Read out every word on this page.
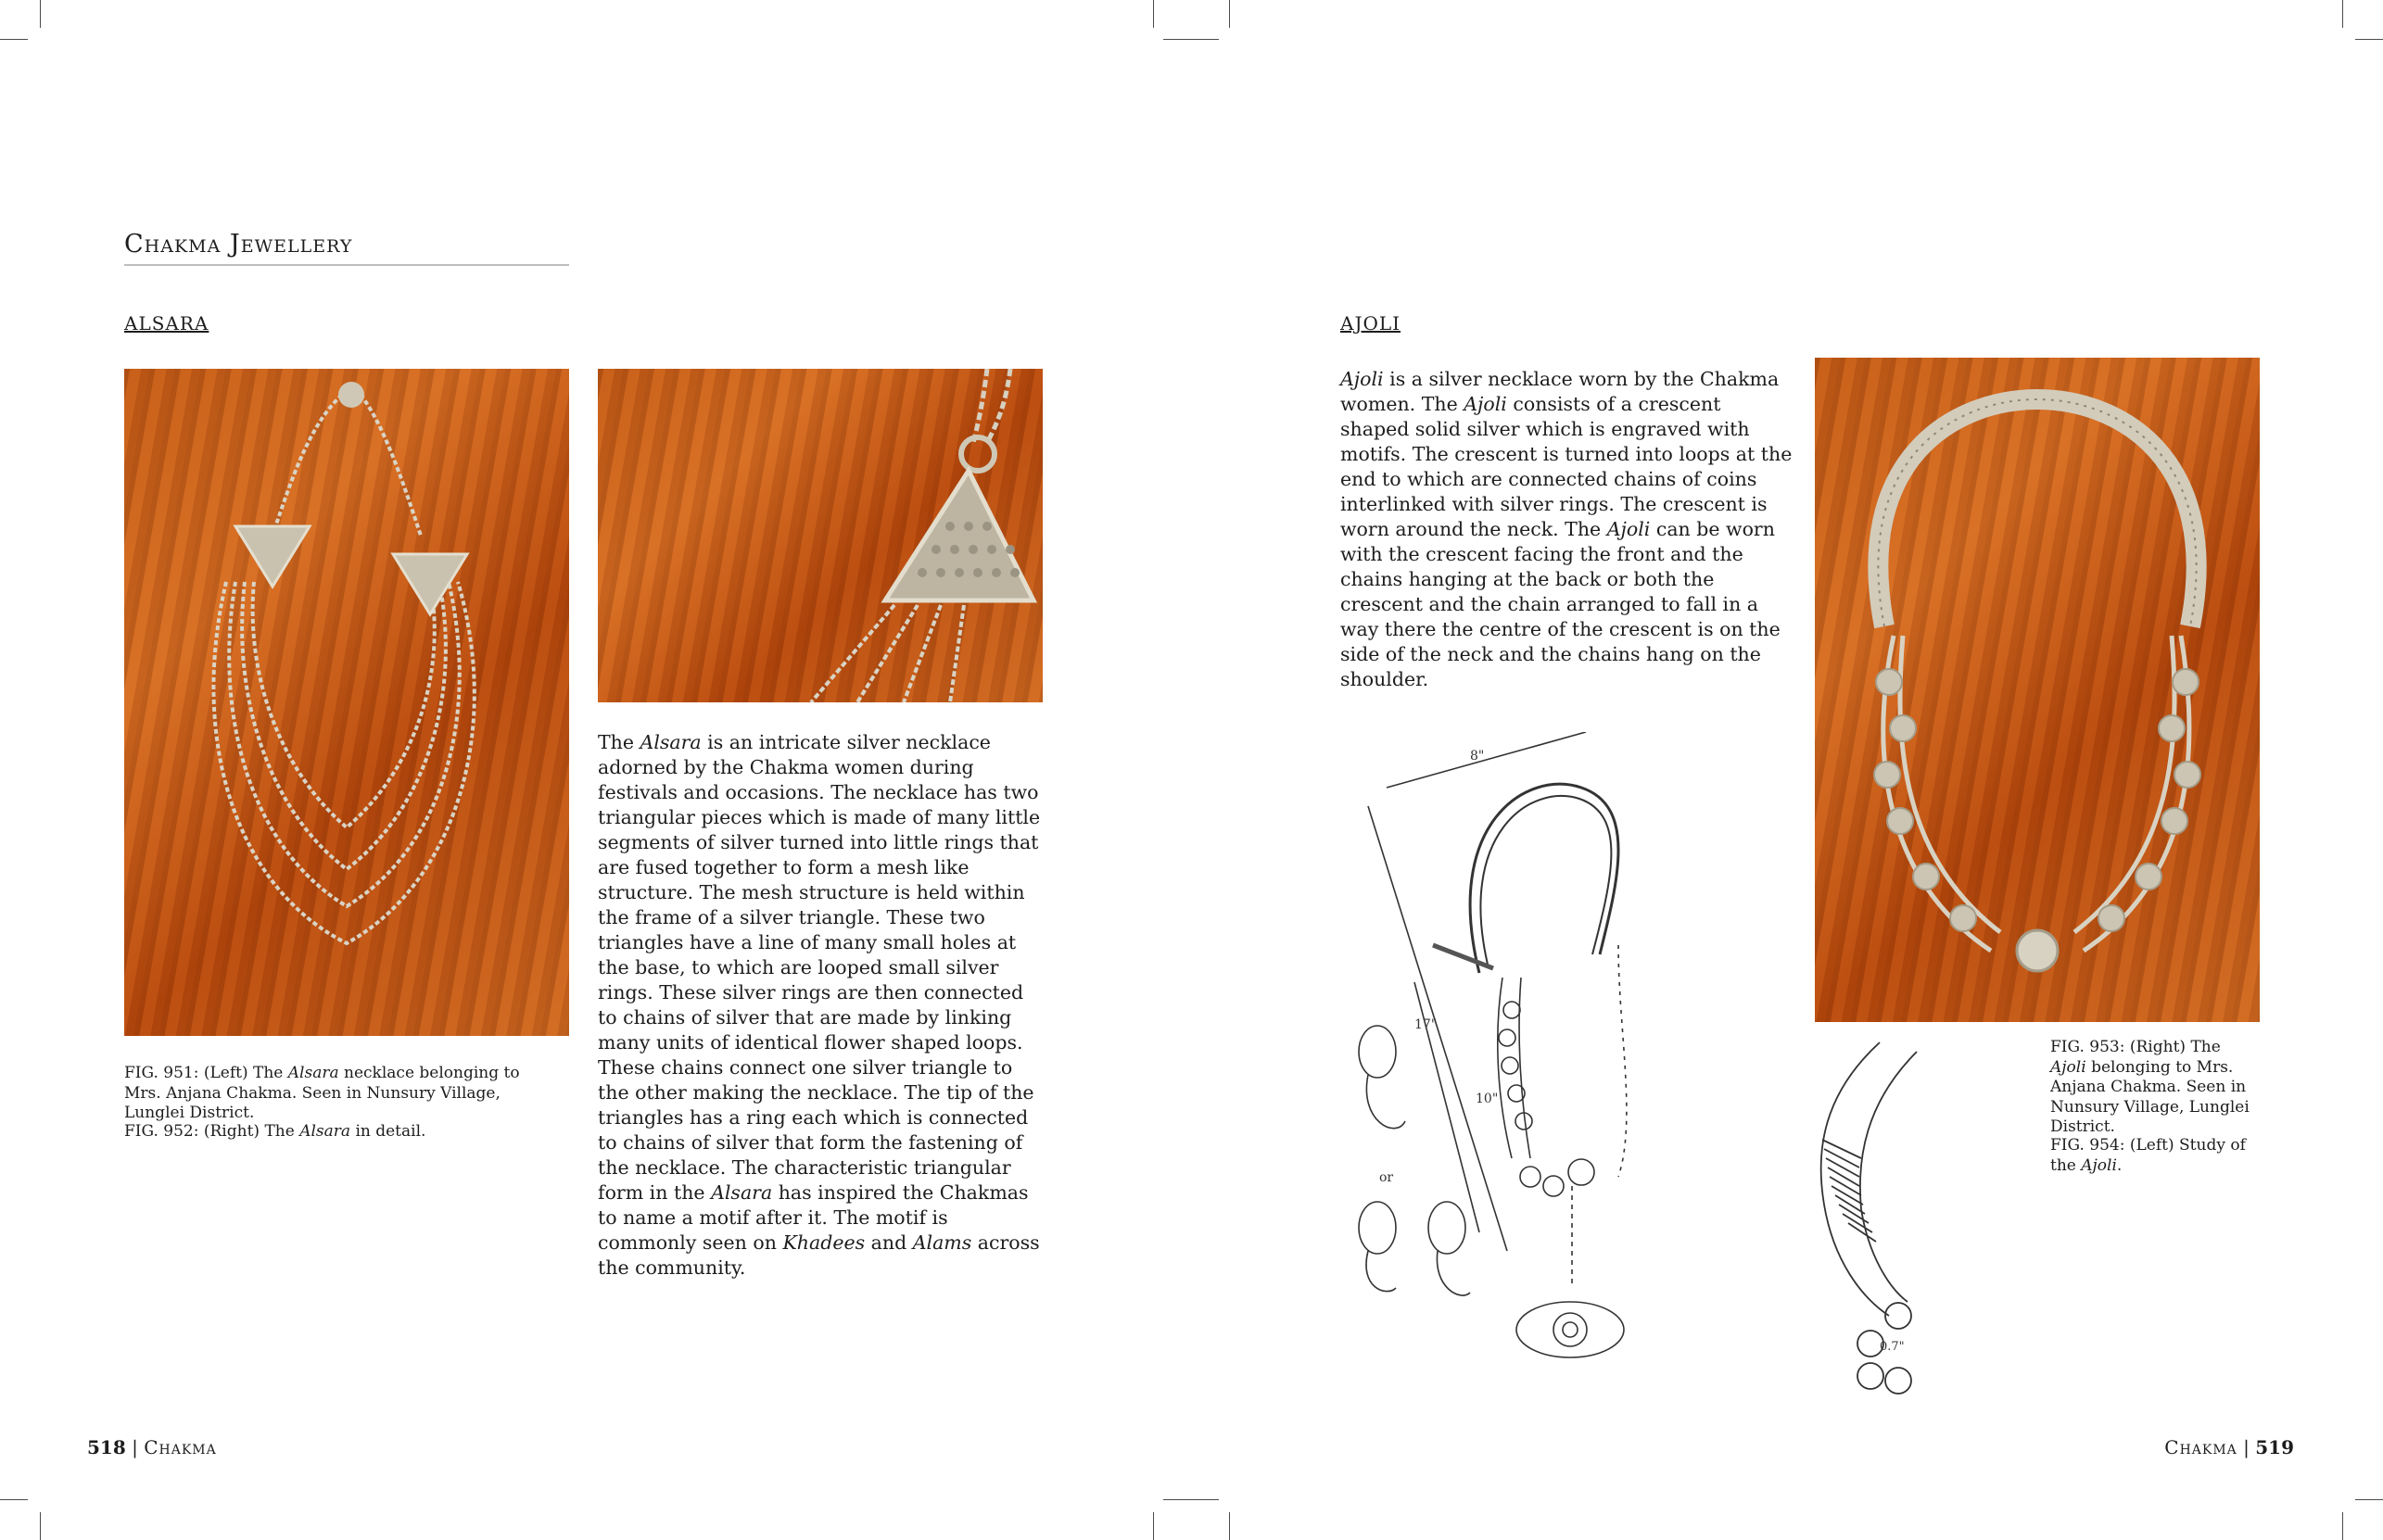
Chakma Jewellery
ALSARA

The Alsara is an intricate silver necklace adorned by the Chakma women during festivals and occasions. The necklace has two triangular pieces which is made of many little segments of silver turned into little rings that are fused together to form a mesh like structure. The mesh structure is held within the frame of a silver triangle. These two triangles have a line of many small holes at the base, to which are looped small silver rings. These silver rings are then connected to chains of silver that are made by linking many units of identical flower shaped loops. These chains connect one silver triangle to the other making the necklace. The tip of the triangles has a ring each which is connected to chains of silver that form the fastening of the necklace. The characteristic triangular form in the Alsara has inspired the Chakmas to name a motif after it. The motif is commonly seen on Khadees and Alams across the community.

FIG. 951: (Left) The Alsara necklace belonging to Mrs. Anjana Chakma. Seen in Nunsury Village, Lunglei District.

FIG. 952: (Right) The Alsara in detail.

518 | Chakma
AJOLI

Ajoli is a silver necklace worn by the Chakma women. The Ajoli consists of a crescent shaped solid silver which is engraved with motifs. The crescent is turned into loops at the end to which are connected chains of coins interlinked with silver rings. The crescent is worn around the neck. The Ajoli can be worn with the crescent facing the front and the chains hanging at the back or both the crescent and the chain arranged to fall in a way there the centre of the crescent is on the side of the neck and the chains hang on the shoulder.

8"
17"
10"
or
0.7"

FIG. 953: (Right) The Ajoli belonging to Mrs. Anjana Chakma. Seen in Nunsury Village, Lunglei District.

FIG. 954: (Left) Study of the Ajoli.

Chakma | 519
